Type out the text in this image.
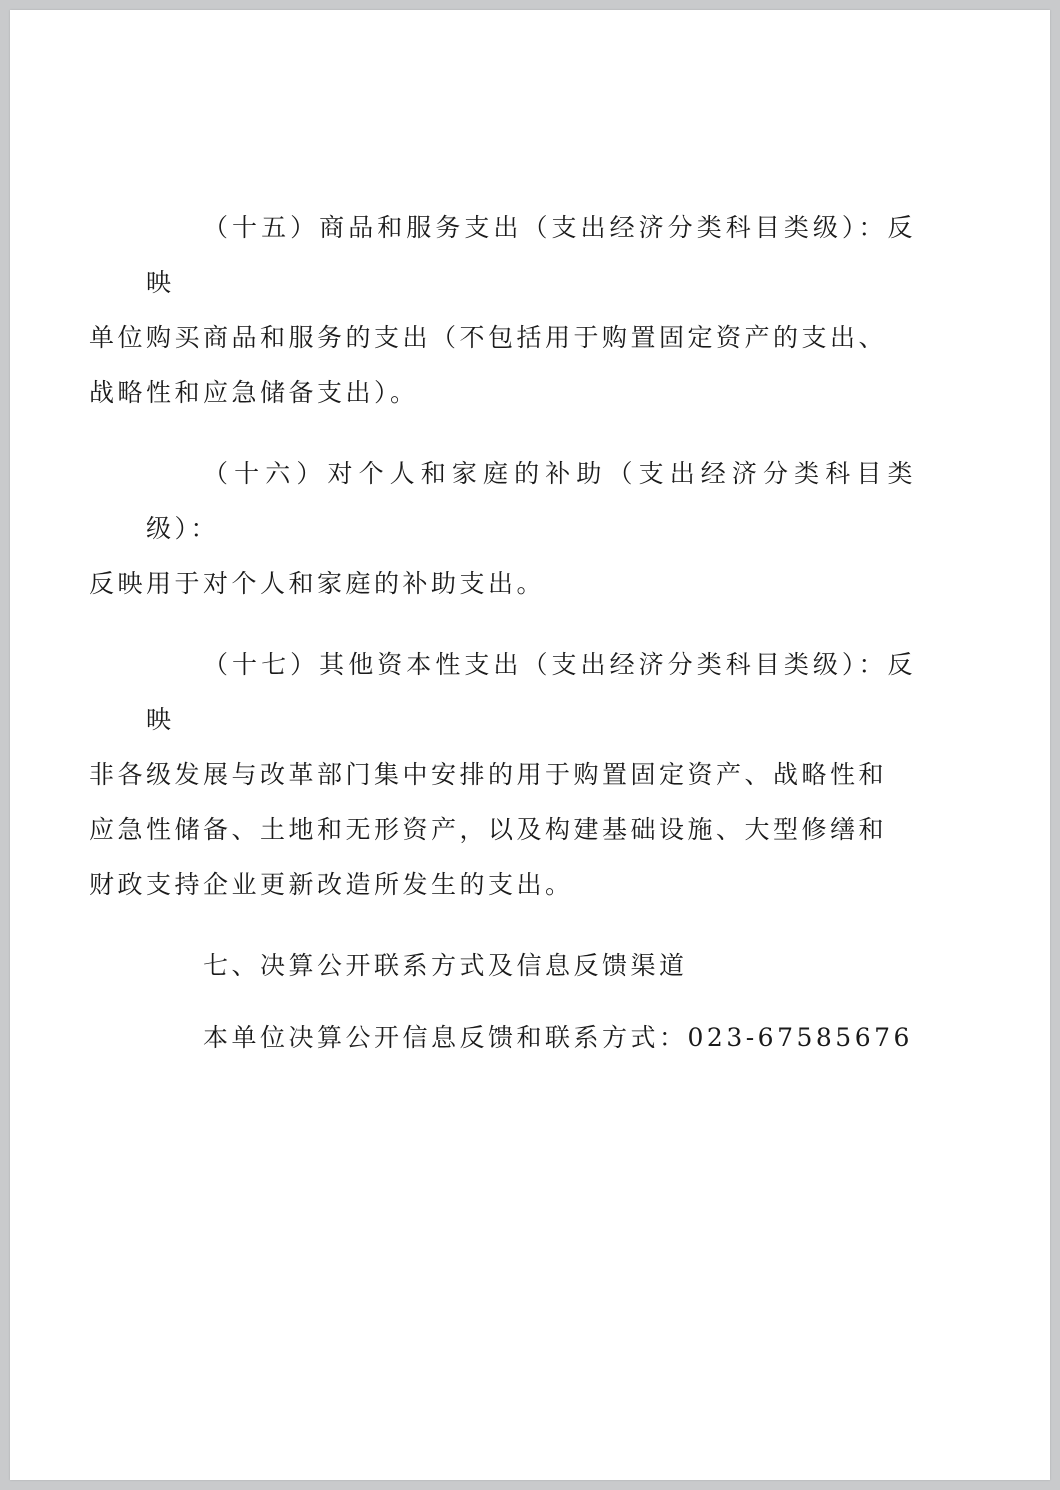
（十五）商品和服务支出（支出经济分类科目类级）：反映
单位购买商品和服务的支出（不包括用于购置固定资产的支出、
战略性和应急储备支出）。

（十六）对个人和家庭的补助（支出经济分类科目类级）：
反映用于对个人和家庭的补助支出。

（十七）其他资本性支出（支出经济分类科目类级）：反映
非各级发展与改革部门集中安排的用于购置固定资产、战略性和
应急性储备、土地和无形资产，以及构建基础设施、大型修缮和
财政支持企业更新改造所发生的支出。

七、决算公开联系方式及信息反馈渠道

本单位决算公开信息反馈和联系方式：023-67585676
